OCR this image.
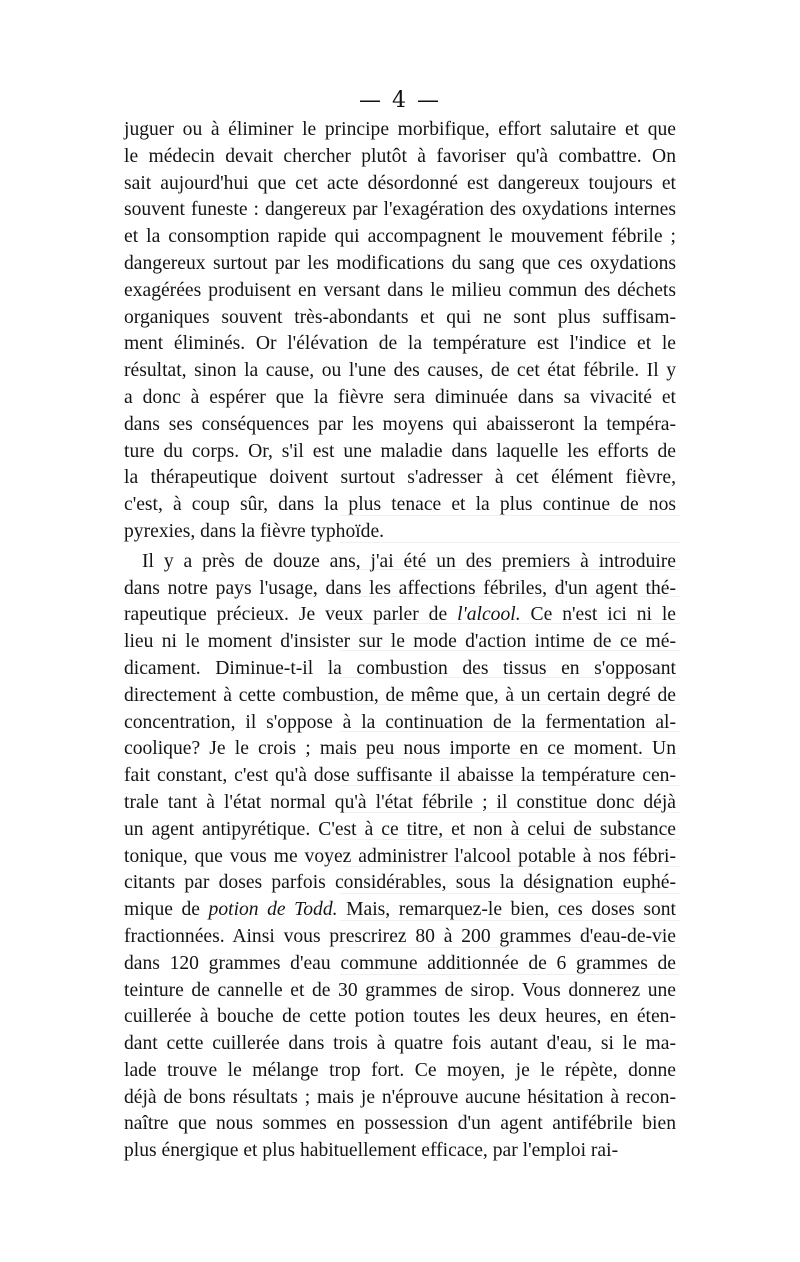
— 4 —
juguer ou à éliminer le principe morbifique, effort salutaire et que
le médecin devait chercher plutôt à favoriser qu'à combattre. On
sait aujourd'hui que cet acte désordonné est dangereux toujours et
souvent funeste : dangereux par l'exagération des oxydations internes
et la consomption rapide qui accompagnent le mouvement fébrile ;
dangereux surtout par les modifications du sang que ces oxydations
exagérées produisent en versant dans le milieu commun des déchets
organiques souvent très-abondants et qui ne sont plus suffisam-
ment éliminés. Or l'élévation de la température est l'indice et le
résultat, sinon la cause, ou l'une des causes, de cet état fébrile. Il y
a donc à espérer que la fièvre sera diminuée dans sa vivacité et
dans ses conséquences par les moyens qui abaisseront la tempéra-
ture du corps. Or, s'il est une maladie dans laquelle les efforts de
la thérapeutique doivent surtout s'adresser à cet élément fièvre,
c'est, à coup sûr, dans la plus tenace et la plus continue de nos
pyrexies, dans la fièvre typhoïde.
Il y a près de douze ans, j'ai été un des premiers à introduire
dans notre pays l'usage, dans les affections fébriles, d'un agent thé-
rapeutique précieux. Je veux parler de l'alcool. Ce n'est ici ni le
lieu ni le moment d'insister sur le mode d'action intime de ce mé-
dicament. Diminue-t-il la combustion des tissus en s'opposant
directement à cette combustion, de même que, à un certain degré de
concentration, il s'oppose à la continuation de la fermentation al-
coolique? Je le crois ; mais peu nous importe en ce moment. Un
fait constant, c'est qu'à dose suffisante il abaisse la température cen-
trale tant à l'état normal qu'à l'état fébrile ; il constitue donc déjà
un agent antipyrétique. C'est à ce titre, et non à celui de substance
tonique, que vous me voyez administrer l'alcool potable à nos fébri-
citants par doses parfois considérables, sous la désignation euphé-
mique de potion de Todd. Mais, remarquez-le bien, ces doses sont
fractionnées. Ainsi vous prescrirez 80 à 200 grammes d'eau-de-vie
dans 120 grammes d'eau commune additionnée de 6 grammes de
teinture de cannelle et de 30 grammes de sirop. Vous donnerez une
cuillerée à bouche de cette potion toutes les deux heures, en éten-
dant cette cuillerée dans trois à quatre fois autant d'eau, si le ma-
lade trouve le mélange trop fort. Ce moyen, je le répète, donne
déjà de bons résultats ; mais je n'éprouve aucune hésitation à recon-
naître que nous sommes en possession d'un agent antifébrile bien
plus énergique et plus habituellement efficace, par l'emploi rai-
